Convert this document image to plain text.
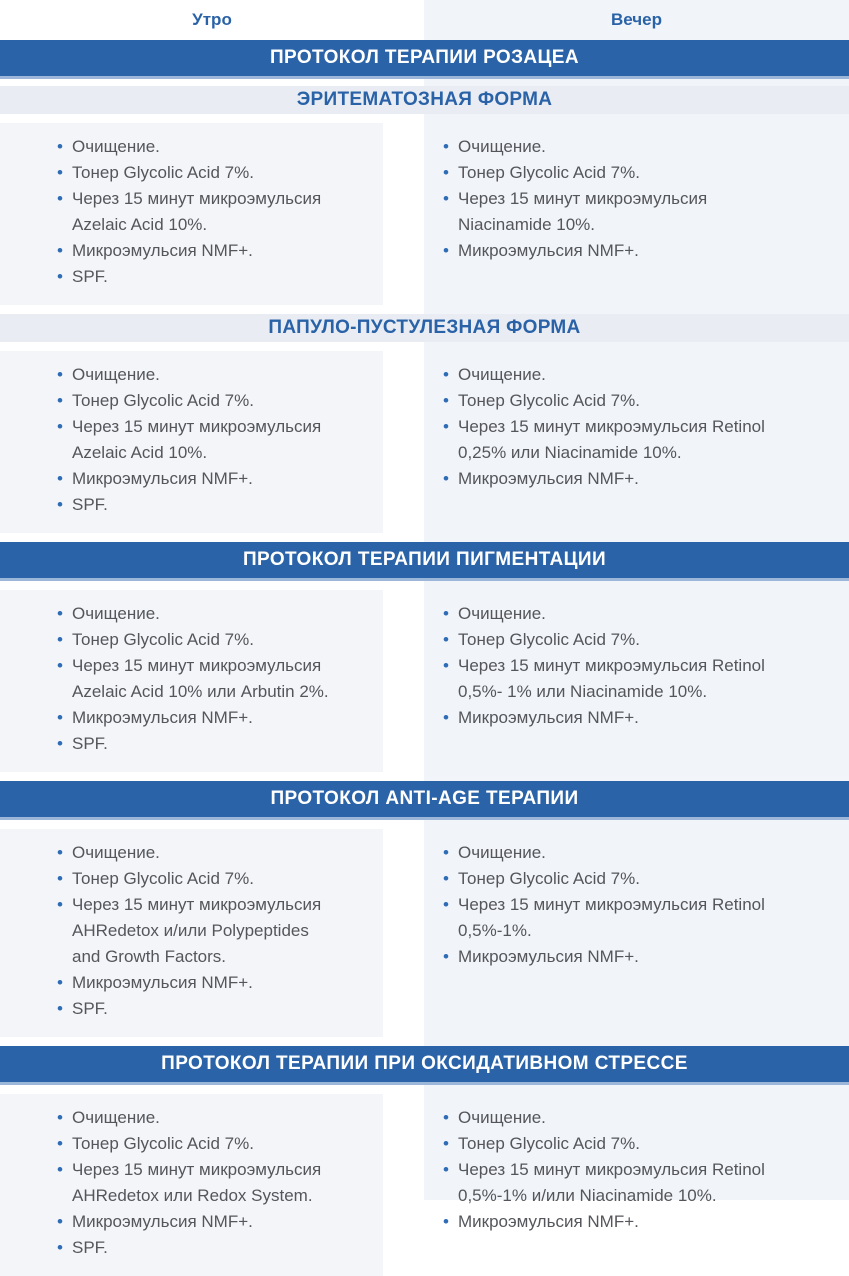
Утро	Вечер
ПРОТОКОЛ ТЕРАПИИ РОЗАЦЕА
ЭРИТЕМАТОЗНАЯ ФОРМА
• Очищение.
• Тонер Glycolic Acid 7%.
• Через 15 минут микроэмульсия Azelaic Acid 10%.
• Микроэмульсия NMF+.
• SPF.
• Очищение.
• Тонер Glycolic Acid 7%.
• Через 15 минут микроэмульсия Niacinamide 10%.
• Микроэмульсия NMF+.
ПАПУЛО-ПУСТУЛЕЗНАЯ ФОРМА
• Очищение.
• Тонер Glycolic Acid 7%.
• Через 15 минут микроэмульсия Azelaic Acid 10%.
• Микроэмульсия NMF+.
• SPF.
• Очищение.
• Тонер Glycolic Acid 7%.
• Через 15 минут микроэмульсия Retinol 0,25% или Niacinamide 10%.
• Микроэмульсия NMF+.
ПРОТОКОЛ ТЕРАПИИ ПИГМЕНТАЦИИ
• Очищение.
• Тонер Glycolic Acid 7%.
• Через 15 минут микроэмульсия Azelaic Acid 10% или Arbutin 2%.
• Микроэмульсия NMF+.
• SPF.
• Очищение.
• Тонер Glycolic Acid 7%.
• Через 15 минут микроэмульсия Retinol 0,5%- 1% или Niacinamide 10%.
• Микроэмульсия NMF+.
ПРОТОКОЛ ANTI-AGE ТЕРАПИИ
• Очищение.
• Тонер Glycolic Acid 7%.
• Через 15 минут микроэмульсия AHRedetox и/или Polypeptides and Growth Factors.
• Микроэмульсия NMF+.
• SPF.
• Очищение.
• Тонер Glycolic Acid 7%.
• Через 15 минут микроэмульсия Retinol 0,5%-1%.
• Микроэмульсия NMF+.
ПРОТОКОЛ ТЕРАПИИ ПРИ ОКСИДАТИВНОМ СТРЕССЕ
• Очищение.
• Тонер Glycolic Acid 7%.
• Через 15 минут микроэмульсия AHRedetox или Redox System.
• Микроэмульсия NMF+.
• SPF.
• Очищение.
• Тонер Glycolic Acid 7%.
• Через 15 минут микроэмульсия Retinol 0,5%-1% и/или Niacinamide 10%.
• Микроэмульсия NMF+.
